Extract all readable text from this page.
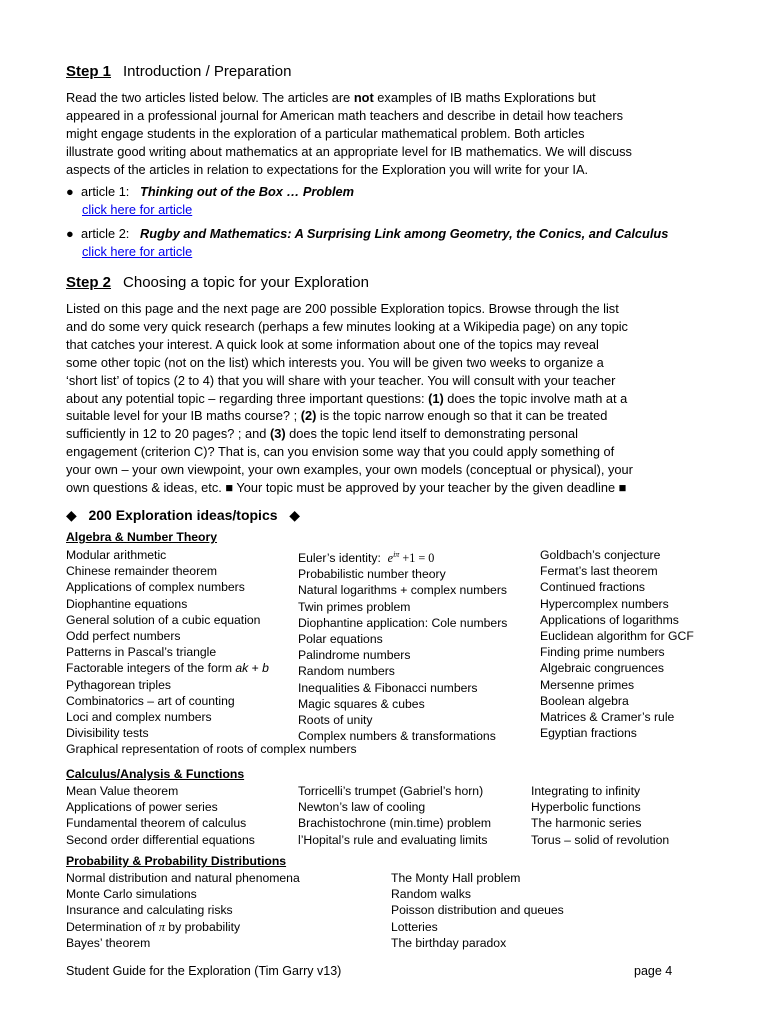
Step 1 Introduction / Preparation
Read the two articles listed below. The articles are not examples of IB maths Explorations but
appeared in a professional journal for American math teachers and describe in detail how teachers
might engage students in the exploration of a particular mathematical problem. Both articles
illustrate good writing about mathematics at an appropriate level for IB mathematics. We will discuss
aspects of the articles in relation to expectations for the Exploration you will write for your IA.
● article 1: Thinking out of the Box … Problem
click here for article
● article 2: Rugby and Mathematics: A Surprising Link among Geometry, the Conics, and Calculus
click here for article
Step 2 Choosing a topic for your Exploration
Listed on this page and the next page are 200 possible Exploration topics. Browse through the list
and do some very quick research (perhaps a few minutes looking at a Wikipedia page) on any topic
that catches your interest. A quick look at some information about one of the topics may reveal
some other topic (not on the list) which interests you. You will be given two weeks to organize a
‘short list’ of topics (2 to 4) that you will share with your teacher. You will consult with your teacher
about any potential topic – regarding three important questions: (1) does the topic involve math at a
suitable level for your IB maths course? ; (2) is the topic narrow enough so that it can be treated
sufficiently in 12 to 20 pages? ; and (3) does the topic lend itself to demonstrating personal
engagement (criterion C)? That is, can you envision some way that you could apply something of
your own – your own viewpoint, your own examples, your own models (conceptual or physical), your
own questions & ideas, etc. ■ Your topic must be approved by your teacher by the given deadline ■
◆ 200 Exploration ideas/topics ◆
Algebra & Number Theory
Modular arithmetic
Chinese remainder theorem
Applications of complex numbers
Diophantine equations
General solution of a cubic equation
Odd perfect numbers
Patterns in Pascal’s triangle
Factorable integers of the form ak + b
Pythagorean triples
Combinatorics – art of counting
Loci and complex numbers
Divisibility tests
Graphical representation of roots of complex numbers
Euler’s identity: $e^{i\pi} +1 = 0$
Probabilistic number theory
Natural logarithms + complex numbers
Twin primes problem
Diophantine application: Cole numbers
Polar equations
Palindrome numbers
Random numbers
Inequalities & Fibonacci numbers
Magic squares & cubes
Roots of unity
Complex numbers & transformations
Goldbach’s conjecture
Fermat’s last theorem
Continued fractions
Hypercomplex numbers
Applications of logarithms
Euclidean algorithm for GCF
Finding prime numbers
Algebraic congruences
Mersenne primes
Boolean algebra
Matrices & Cramer’s rule
Egyptian fractions
Calculus/Analysis & Functions
Mean Value theorem
Applications of power series
Fundamental theorem of calculus
Second order differential equations
Torricelli’s trumpet (Gabriel’s horn)
Newton’s law of cooling
Brachistochrone (min.time) problem
l’Hopital’s rule and evaluating limits
Integrating to infinity
Hyperbolic functions
The harmonic series
Torus – solid of revolution
Probability & Probability Distributions
Normal distribution and natural phenomena
Monte Carlo simulations
Insurance and calculating risks
Determination of π by probability
Bayes’ theorem
The Monty Hall problem
Random walks
Poisson distribution and queues
Lotteries
The birthday paradox
Student Guide for the Exploration (Tim Garry v13)	page 4
